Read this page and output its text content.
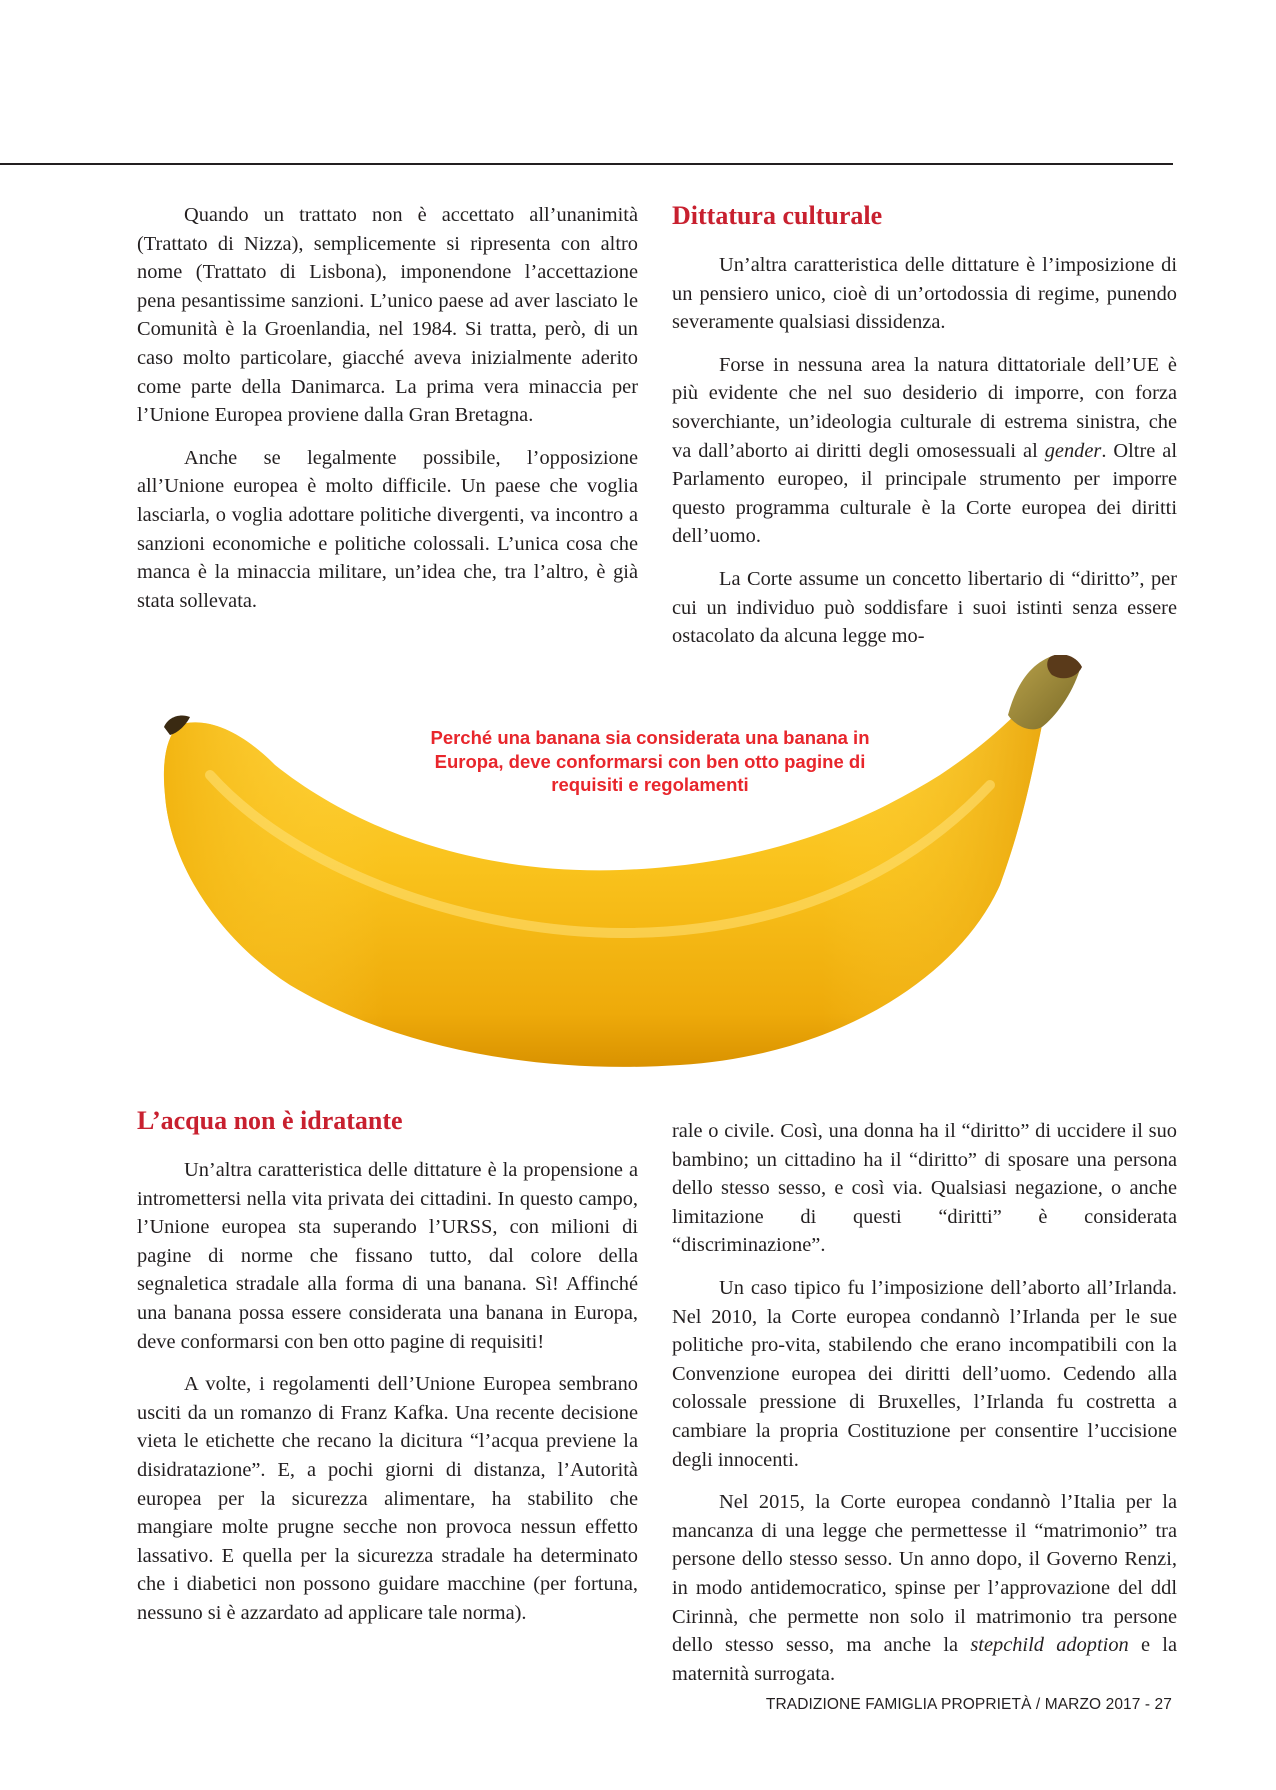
Quando un trattato non è accettato all’unanimità (Trattato di Nizza), semplicemente si ripresenta con altro nome (Trattato di Lisbona), imponendone l’accettazione pena pesantissime sanzioni. L’unico paese ad aver lasciato le Comunità è la Groenlandia, nel 1984. Si tratta, però, di un caso molto particolare, giacché aveva inizialmente aderito come parte della Danimarca. La prima vera minaccia per l’Unione Europea proviene dalla Gran Bretagna.

Anche se legalmente possibile, l’opposizione all’Unione europea è molto difficile. Un paese che voglia lasciarla, o voglia adottare politiche divergenti, va incontro a sanzioni economiche e politiche colossali. L’unica cosa che manca è la minaccia militare, un’idea che, tra l’altro, è già stata sollevata.

Dittatura culturale

Un’altra caratteristica delle dittature è l’imposizione di un pensiero unico, cioè di un’ortodossia di regime, punendo severamente qualsiasi dissidenza.

Forse in nessuna area la natura dittatoriale dell’UE è più evidente che nel suo desiderio di imporre, con forza soverchiante, un’ideologia culturale di estrema sinistra, che va dall’aborto ai diritti degli omosessuali al gender. Oltre al Parlamento europeo, il principale strumento per imporre questo programma culturale è la Corte europea dei diritti dell’uomo.

La Corte assume un concetto libertario di “diritto”, per cui un individuo può soddisfare i suoi istinti senza essere ostacolato da alcuna legge mo-

Perché una banana sia considerata una banana in Europa, deve conformarsi con ben otto pagine di requisiti e regolamenti
L’acqua non è idratante

Un’altra caratteristica delle dittature è la propensione a intromettersi nella vita privata dei cittadini. In questo campo, l’Unione europea sta superando l’URSS, con milioni di pagine di norme che fissano tutto, dal colore della segnaletica stradale alla forma di una banana. Sì! Affinché una banana possa essere considerata una banana in Europa, deve conformarsi con ben otto pagine di requisiti!

A volte, i regolamenti dell’Unione Europea sembrano usciti da un romanzo di Franz Kafka. Una recente decisione vieta le etichette che recano la dicitura “l’acqua previene la disidratazione”. E, a pochi giorni di distanza, l’Autorità europea per la sicurezza alimentare, ha stabilito che mangiare molte prugne secche non provoca nessun effetto lassativo. E quella per la sicurezza stradale ha determinato che i diabetici non possono guidare macchine (per fortuna, nessuno si è azzardato ad applicare tale norma).

rale o civile. Così, una donna ha il “diritto” di uccidere il suo bambino; un cittadino ha il “diritto” di sposare una persona dello stesso sesso, e così via. Qualsiasi negazione, o anche limitazione di questi “diritti” è considerata “discriminazione”.

Un caso tipico fu l’imposizione dell’aborto all’Irlanda. Nel 2010, la Corte europea condannò l’Irlanda per le sue politiche pro-vita, stabilendo che erano incompatibili con la Convenzione europea dei diritti dell’uomo. Cedendo alla colossale pressione di Bruxelles, l’Irlanda fu costretta a cambiare la propria Costituzione per consentire l’uccisione degli innocenti.

Nel 2015, la Corte europea condannò l’Italia per la mancanza di una legge che permettesse il “matrimonio” tra persone dello stesso sesso. Un anno dopo, il Governo Renzi, in modo antidemocratico, spinse per l’approvazione del ddl Cirinnà, che permette non solo il matrimonio tra persone dello stesso sesso, ma anche la stepchild adoption e la maternità surrogata.

TRADIZIONE FAMIGLIA PROPRIETÀ / MARZO 2017 - 27
